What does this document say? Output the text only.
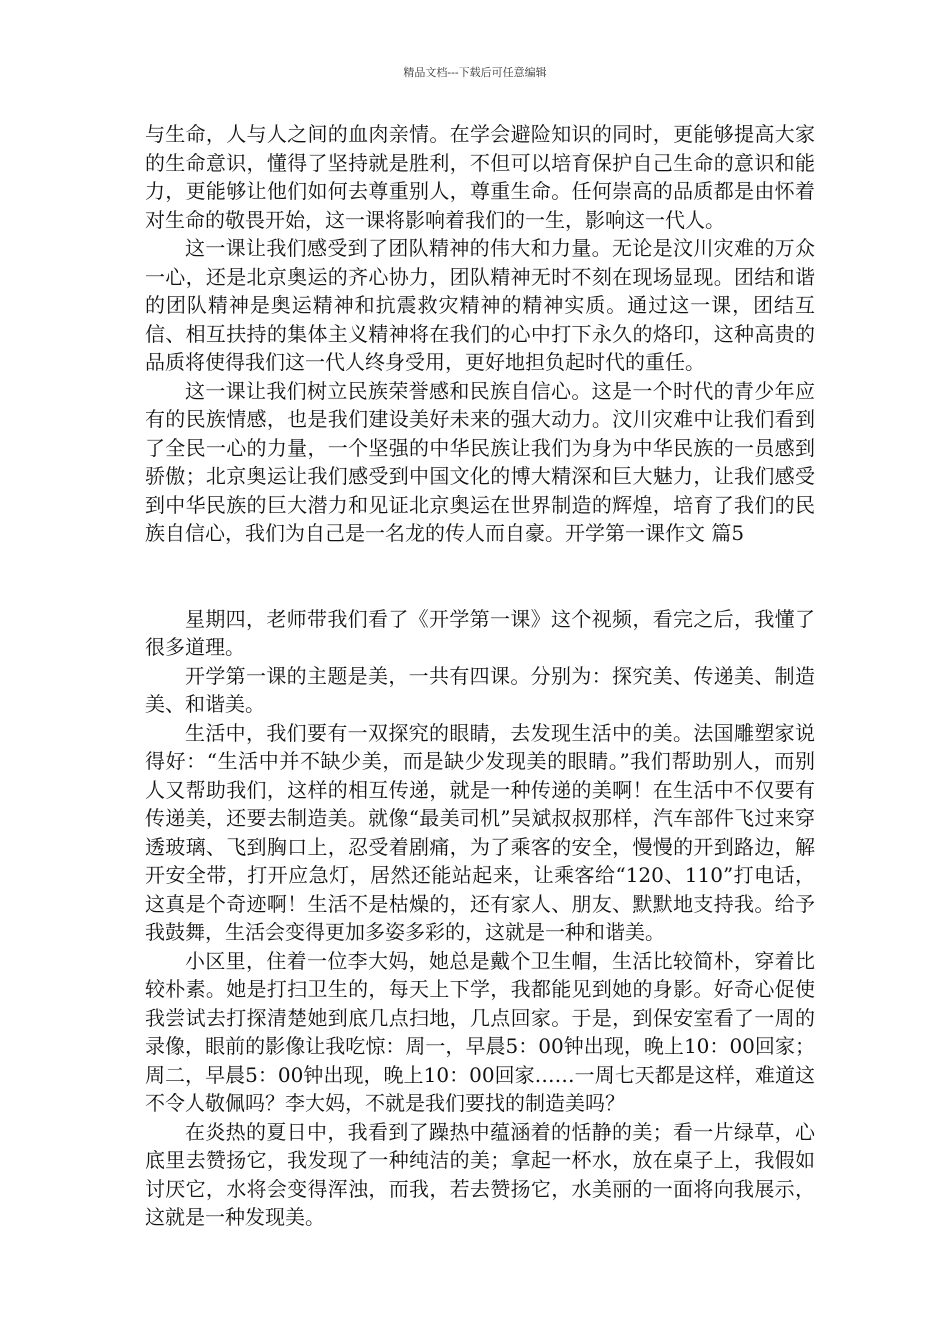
精品文档---下载后可任意编辑

与生命，人与人之间的血肉亲情。在学会避险知识的同时，更能够提高大家的生命意识，懂得了坚持就是胜利，不但可以培育保护自己生命的意识和能力，更能够让他们如何去尊重别人，尊重生命。任何崇高的品质都是由怀着对生命的敬畏开始，这一课将影响着我们的一生，影响这一代人。

这一课让我们感受到了团队精神的伟大和力量。无论是汶川灾难的万众一心，还是北京奥运的齐心协力，团队精神无时不刻在现场显现。团结和谐的团队精神是奥运精神和抗震救灾精神的精神实质。通过这一课，团结互信、相互扶持的集体主义精神将在我们的心中打下永久的烙印，这种高贵的品质将使得我们这一代人终身受用，更好地担负起时代的重任。

这一课让我们树立民族荣誉感和民族自信心。这是一个时代的青少年应有的民族情感，也是我们建设美好未来的强大动力。汶川灾难中让我们看到了全民一心的力量，一个坚强的中华民族让我们为身为中华民族的一员感到骄傲；北京奥运让我们感受到中国文化的博大精深和巨大魅力，让我们感受到中华民族的巨大潜力和见证北京奥运在世界制造的辉煌，培育了我们的民族自信心，我们为自己是一名龙的传人而自豪。开学第一课作文 篇5

星期四，老师带我们看了《开学第一课》这个视频，看完之后，我懂了很多道理。

开学第一课的主题是美，一共有四课。分别为：探究美、传递美、制造美、和谐美。

生活中，我们要有一双探究的眼睛，去发现生活中的美。法国雕塑家说得好：“生活中并不缺少美，而是缺少发现美的眼睛。”我们帮助别人，而别人又帮助我们，这样的相互传递，就是一种传递的美啊！在生活中不仅要有传递美，还要去制造美。就像“最美司机”吴斌叔叔那样，汽车部件飞过来穿透玻璃、飞到胸口上，忍受着剧痛，为了乘客的安全，慢慢的开到路边，解开安全带，打开应急灯，居然还能站起来，让乘客给“120、110”打电话，这真是个奇迹啊！生活不是枯燥的，还有家人、朋友、默默地支持我。给予我鼓舞，生活会变得更加多姿多彩的，这就是一种和谐美。

小区里，住着一位李大妈，她总是戴个卫生帽，生活比较简朴，穿着比较朴素。她是打扫卫生的，每天上下学，我都能见到她的身影。好奇心促使我尝试去打探清楚她到底几点扫地，几点回家。于是，到保安室看了一周的录像，眼前的影像让我吃惊：周一，早晨5：00钟出现，晚上10：00回家；周二，早晨5：00钟出现，晚上10：00回家……一周七天都是这样，难道这不令人敬佩吗？李大妈，不就是我们要找的制造美吗？

在炎热的夏日中，我看到了躁热中蕴涵着的恬静的美；看一片绿草，心底里去赞扬它，我发现了一种纯洁的美；拿起一杯水，放在桌子上，我假如讨厌它，水将会变得浑浊，而我，若去赞扬它，水美丽的一面将向我展示，这就是一种发现美。
